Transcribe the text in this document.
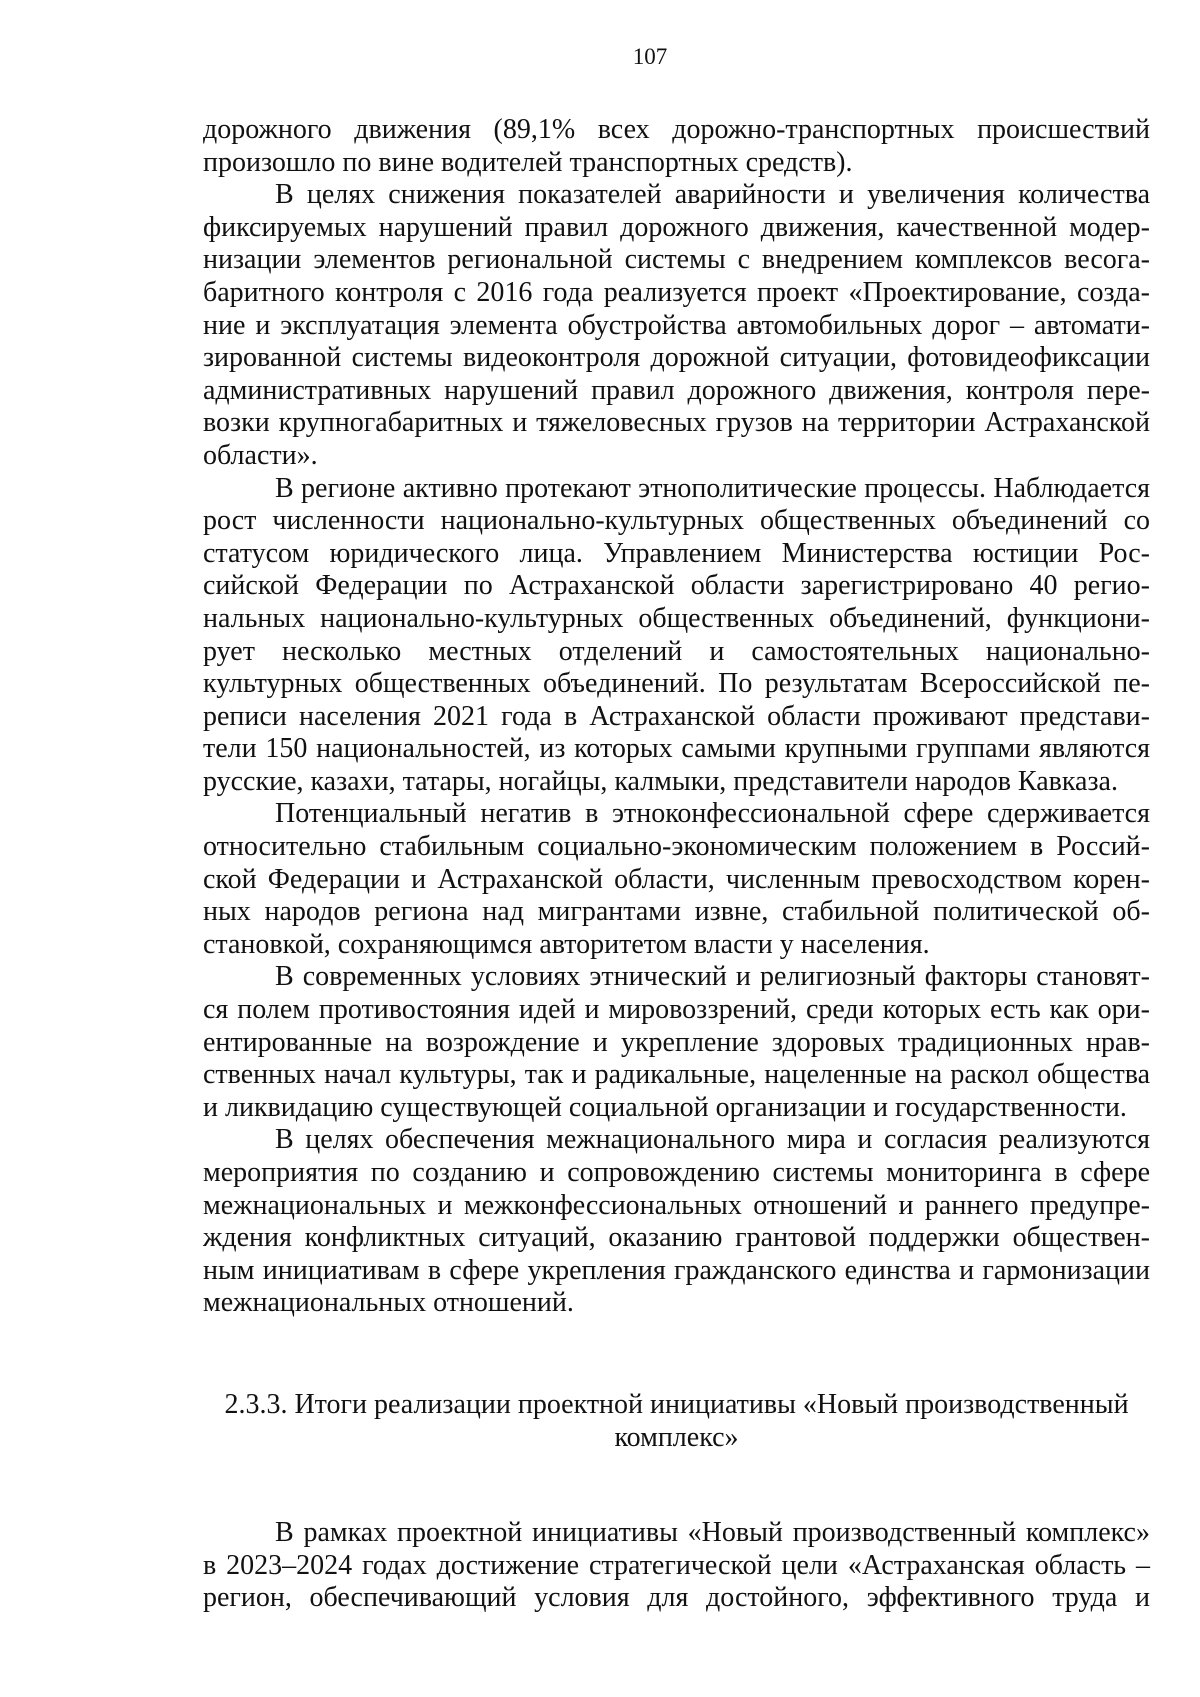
107

дорожного движения (89,1% всех дорожно-транспортных происшествий произошло по вине водителей транспортных средств).

В целях снижения показателей аварийности и увеличения количества фиксируемых нарушений правил дорожного движения, качественной модернизации элементов региональной системы с внедрением комплексов весогабаритного контроля с 2016 года реализуется проект «Проектирование, создание и эксплуатация элемента обустройства автомобильных дорог – автоматизированной системы видеоконтроля дорожной ситуации, фотовидеофиксации административных нарушений правил дорожного движения, контроля перевозки крупногабаритных и тяжеловесных грузов на территории Астраханской области».

В регионе активно протекают этнополитические процессы. Наблюдается рост численности национально-культурных общественных объединений со статусом юридического лица. Управлением Министерства юстиции Российской Федерации по Астраханской области зарегистрировано 40 региональных национально-культурных общественных объединений, функционирует несколько местных отделений и самостоятельных национально-культурных общественных объединений. По результатам Всероссийской переписи населения 2021 года в Астраханской области проживают представители 150 национальностей, из которых самыми крупными группами являются русские, казахи, татары, ногайцы, калмыки, представители народов Кавказа.

Потенциальный негатив в этноконфессиональной сфере сдерживается относительно стабильным социально-экономическим положением в Российской Федерации и Астраханской области, численным превосходством коренных народов региона над мигрантами извне, стабильной политической обстановкой, сохраняющимся авторитетом власти у населения.

В современных условиях этнический и религиозный факторы становятся полем противостояния идей и мировоззрений, среди которых есть как ориентированные на возрождение и укрепление здоровых традиционных нравственных начал культуры, так и радикальные, нацеленные на раскол общества и ликвидацию существующей социальной организации и государственности.

В целях обеспечения межнационального мира и согласия реализуются мероприятия по созданию и сопровождению системы мониторинга в сфере межнациональных и межконфессиональных отношений и раннего предупреждения конфликтных ситуаций, оказанию грантовой поддержки общественным инициативам в сфере укрепления гражданского единства и гармонизации межнациональных отношений.

2.3.3. Итоги реализации проектной инициативы «Новый производственный
комплекс»

В рамках проектной инициативы «Новый производственный комплекс» в 2023–2024 годах достижение стратегической цели «Астраханская область – регион, обеспечивающий условия для достойного, эффективного труда и
